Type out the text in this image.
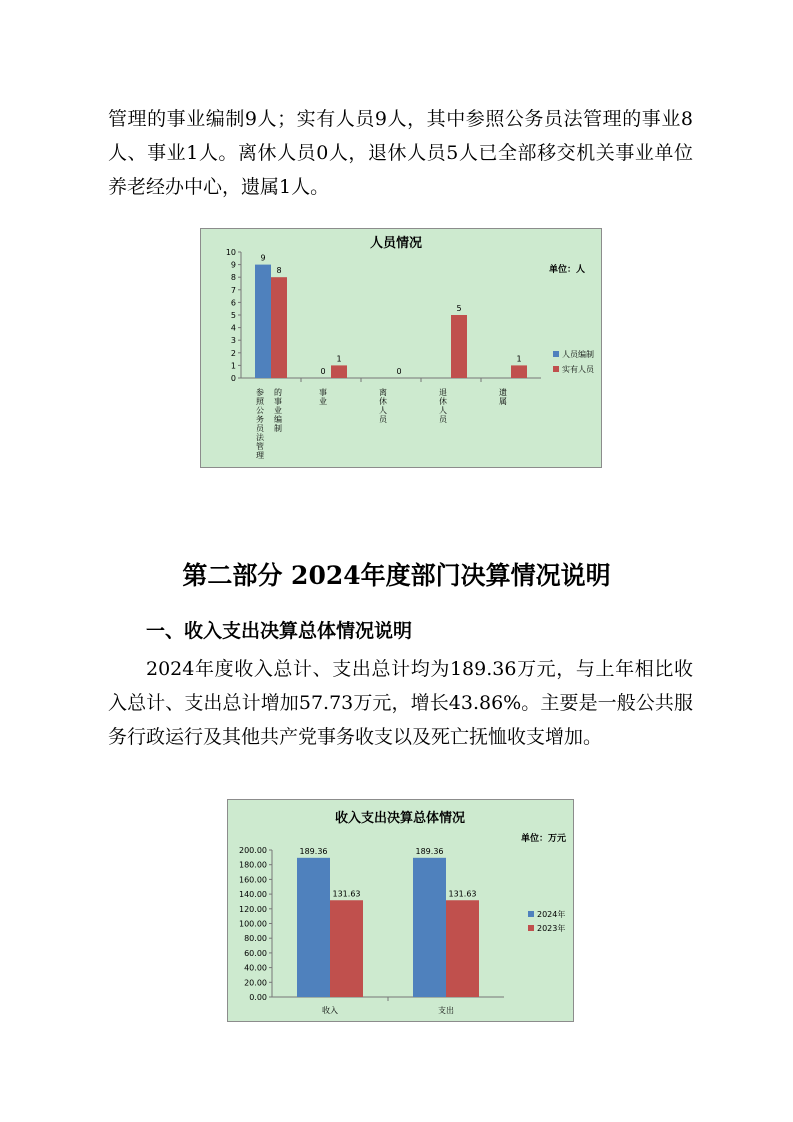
管理的事业编制9人；实有人员9人，其中参照公务员法管理的事业8人、事业1人。离休人员0人，退休人员5人已全部移交机关事业单位养老经办中心，遗属1人。

人员情况
单位：人
0
1
2
3
4
5
6
7
8
9
10
9
0
8
1
0
5
1
参照公务员法管理 的事业编制	事业	离休人员	退休人员	遗属
人员编制
实有人员
第二部分 2024年度部门决算情况说明
一、收入支出决算总体情况说明

2024年度收入总计、支出总计均为189.36万元，与上年相比收入总计、支出总计增加57.73万元，增长43.86%。主要是一般公共服务行政运行及其他共产党事务收支以及死亡抚恤收支增加。

收入支出决算总体情况
单位：万元
0.00
20.00
40.00
60.00
80.00
100.00
120.00
140.00
160.00
180.00
200.00	189.36	189.36
131.63	131.63
收入	支出
2024年
2023年
